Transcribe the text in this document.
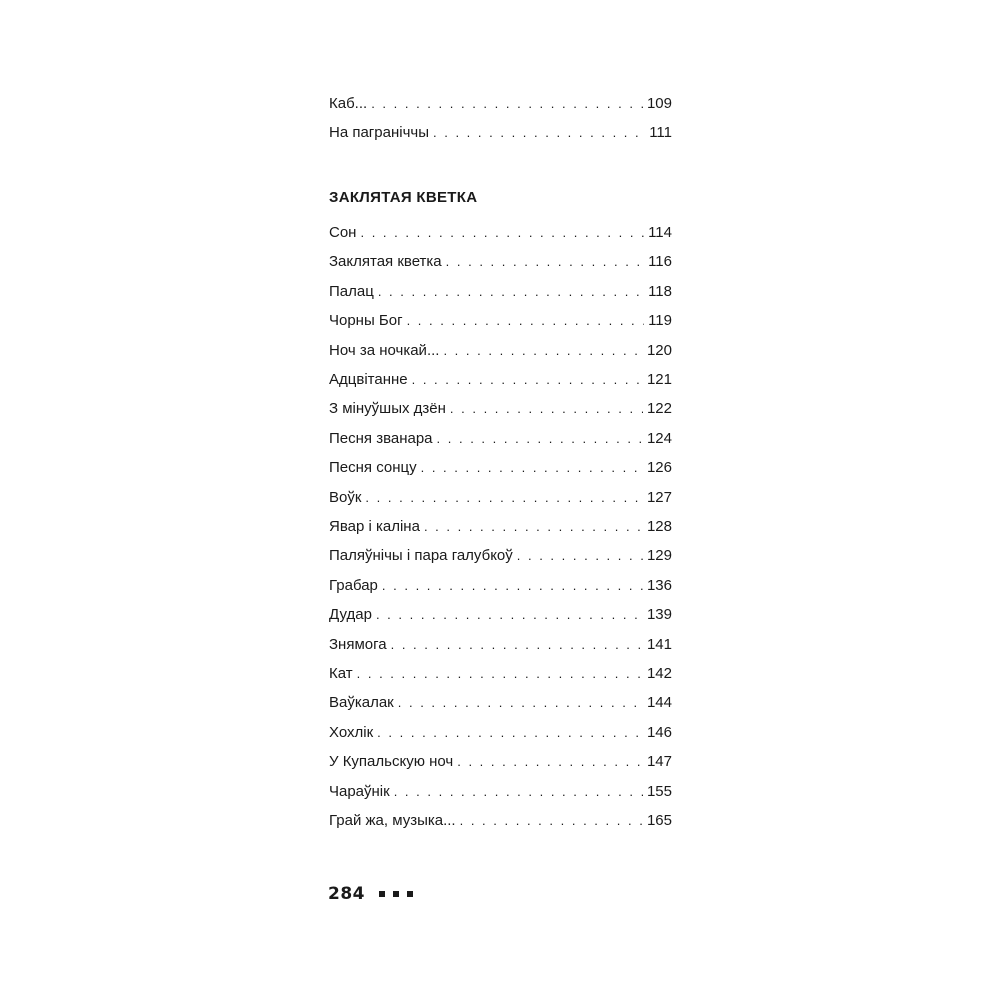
Каб... . . .	109
На пагранiччы . . .	111
ЗАКЛЯТАЯ КВЕТКА
Сон . . .	114
Заклятая кветка . . .	116
Палац . . .	118
Чорны Бог . . .	119
Ноч за ночкай... . . .	120
Адцвiтанне . . .	121
З мiнуўшых дзён . . .	122
Песня званара . . .	124
Песня сонцу . . .	126
Воўк . . .	127
Явар i калiна . . .	128
Паляўнiчы i пара галубкоў . . .	129
Грабар . . .	136
Дудар . . .	139
Знямога . . .	141
Кат . . .	142
Ваўкалак . . .	144
Хохлiк . . .	146
У Купальскую ноч . . .	147
Чараўнiк . . .	155
Грай жа, музыка... . . .	165
284
